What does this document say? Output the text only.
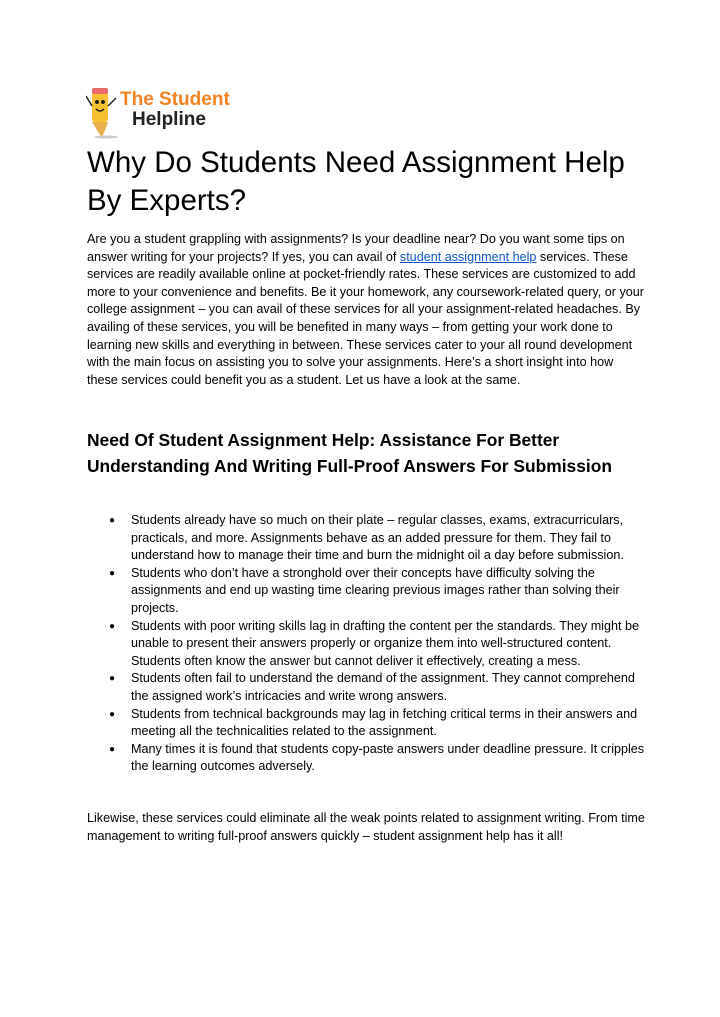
The Student
Helpline
Why Do Students Need Assignment Help By Experts?

Are you a student grappling with assignments? Is your deadline near? Do you want some tips on answer writing for your projects? If yes, you can avail of student assignment help services. These services are readily available online at pocket-friendly rates. These services are customized to add more to your convenience and benefits. Be it your homework, any coursework-related query, or your college assignment – you can avail of these services for all your assignment-related headaches. By availing of these services, you will be benefited in many ways – from getting your work done to learning new skills and everything in between. These services cater to your all round development with the main focus on assisting you to solve your assignments. Here’s a short insight into how these services could benefit you as a student. Let us have a look at the same.

Need Of Student Assignment Help: Assistance For Better Understanding And Writing Full-Proof Answers For Submission
● Students already have so much on their plate – regular classes, exams, extracurriculars, practicals, and more. Assignments behave as an added pressure for them. They fail to understand how to manage their time and burn the midnight oil a day before submission.
● Students who don’t have a stronghold over their concepts have difficulty solving the assignments and end up wasting time clearing previous images rather than solving their projects.
● Students with poor writing skills lag in drafting the content per the standards. They might be unable to present their answers properly or organize them into well-structured content. Students often know the answer but cannot deliver it effectively, creating a mess.
● Students often fail to understand the demand of the assignment. They cannot comprehend the assigned work’s intricacies and write wrong answers.
● Students from technical backgrounds may lag in fetching critical terms in their answers and meeting all the technicalities related to the assignment.
● Many times it is found that students copy-paste answers under deadline pressure. It cripples the learning outcomes adversely.

Likewise, these services could eliminate all the weak points related to assignment writing. From time management to writing full-proof answers quickly – student assignment help has it all!
